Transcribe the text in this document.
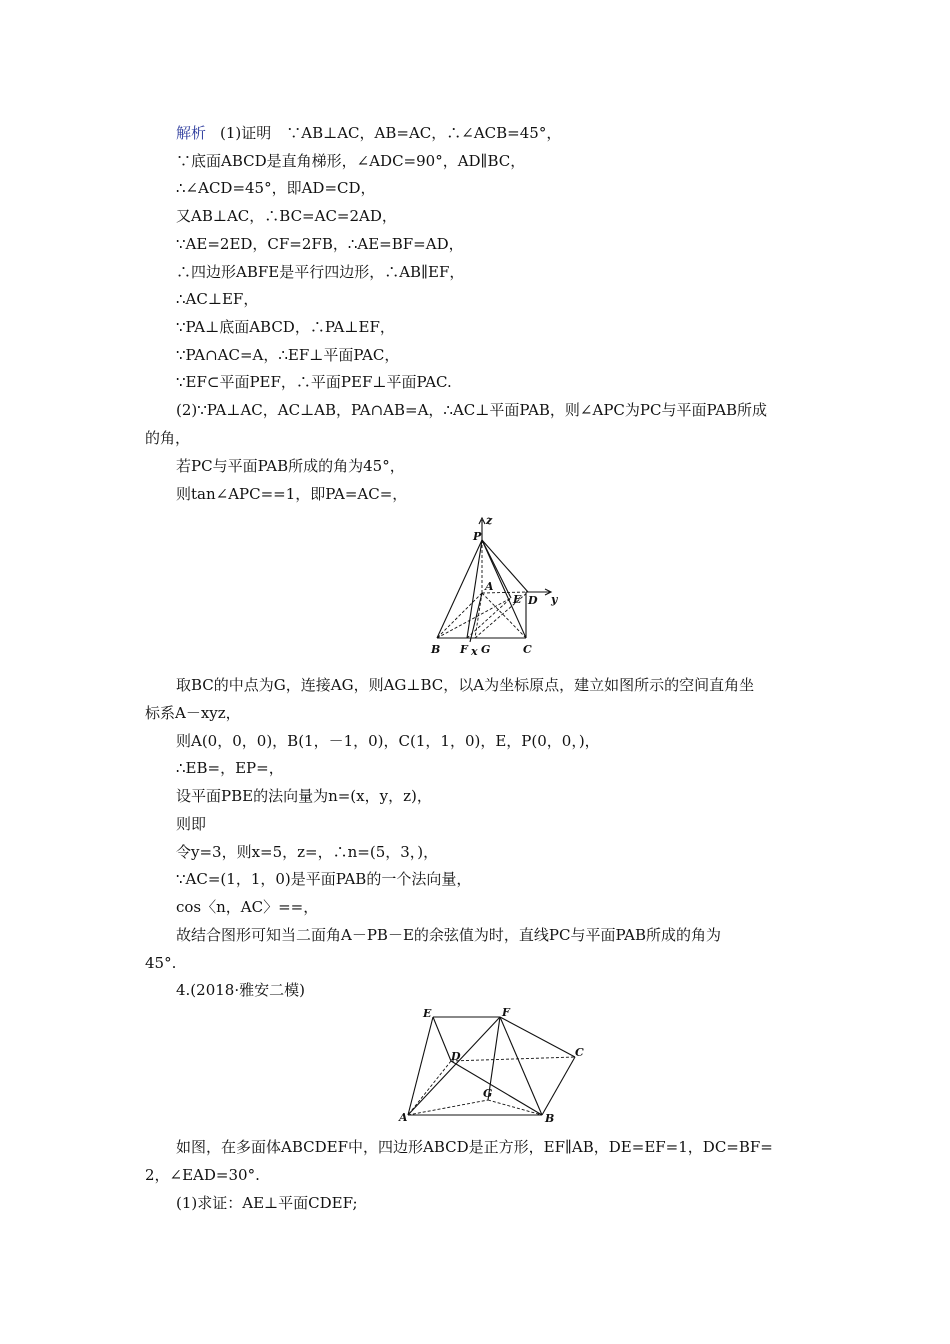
解析 (1)证明　∵AB⊥AC，AB=AC，∴∠ACB=45°，
∵底面ABCD是直角梯形，∠ADC=90°，AD∥BC，
∴∠ACD=45°，即AD=CD，
又AB⊥AC，∴BC=AC=2AD，
∵AE=2ED，CF=2FB，∴AE=BF=AD，
∴四边形ABFE是平行四边形，∴AB∥EF，
∴AC⊥EF，
∵PA⊥底面ABCD，∴PA⊥EF，
∵PA∩AC=A，∴EF⊥平面PAC，
∵EF⊂平面PEF，∴平面PEF⊥平面PAC.
(2)∵PA⊥AC，AC⊥AB，PA∩AB=A，∴AC⊥平面PAB，则∠APC为PC与平面PAB所成
的角，
若PC与平面PAB所成的角为45°，
则tan∠APC==1，即PA=AC=，
z
y
x
P
A
E D
B F G	C
取BC的中点为G，连接AG，则AG⊥BC，以A为坐标原点，建立如图所示的空间直角坐
标系A－xyz，
则A(0，0，0)，B(1，－1，0)，C(1，1，0)，E，P(0，0，)，
∴EB=，EP=，
设平面PBE的法向量为n=(x，y，z)，
则即
令y=3，则x=5，z=，∴n=(5，3，)，
∵AC=(1，1，0)是平面PAB的一个法向量，
cos〈n，AC〉==，
故结合图形可知当二面角A－PB－E的余弦值为时，直线PC与平面PAB所成的角为
45°.
4.(2018·雅安二模)
E	F
D	C
G
A	B
如图，在多面体ABCDEF中，四边形ABCD是正方形，EF∥AB，DE=EF=1，DC=BF=
2，∠EAD=30°.
(1)求证：AE⊥平面CDEF;
